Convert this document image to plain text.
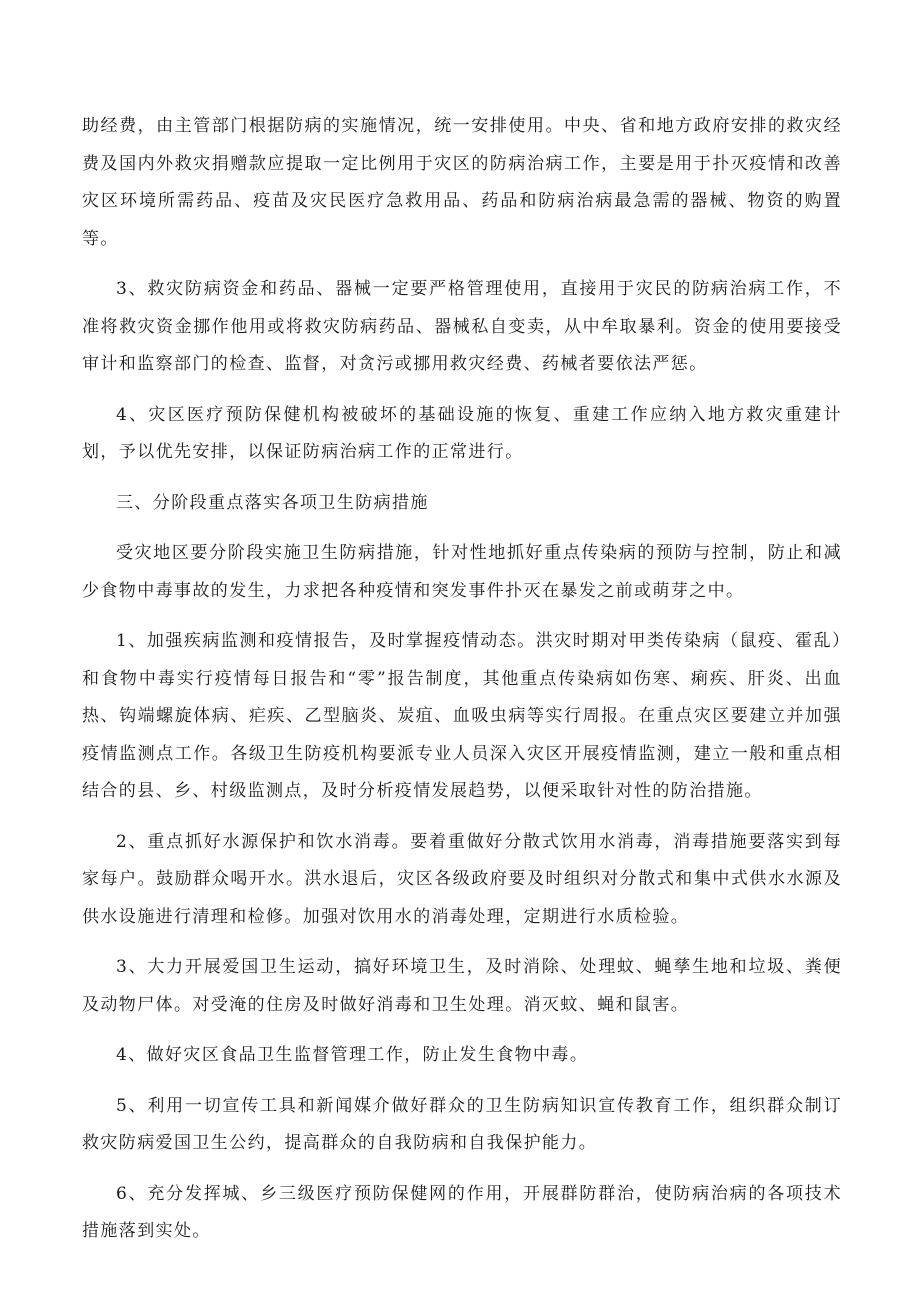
助经费，由主管部门根据防病的实施情况，统一安排使用。中央、省和地方政府安排的救灾经费及国内外救灾捐赠款应提取一定比例用于灾区的防病治病工作，主要是用于扑灭疫情和改善灾区环境所需药品、疫苗及灾民医疗急救用品、药品和防病治病最急需的器械、物资的购置等。

3、救灾防病资金和药品、器械一定要严格管理使用，直接用于灾民的防病治病工作，不准将救灾资金挪作他用或将救灾防病药品、器械私自变卖，从中牟取暴利。资金的使用要接受审计和监察部门的检查、监督，对贪污或挪用救灾经费、药械者要依法严惩。

4、灾区医疗预防保健机构被破坏的基础设施的恢复、重建工作应纳入地方救灾重建计划，予以优先安排，以保证防病治病工作的正常进行。

三、分阶段重点落实各项卫生防病措施

受灾地区要分阶段实施卫生防病措施，针对性地抓好重点传染病的预防与控制，防止和减少食物中毒事故的发生，力求把各种疫情和突发事件扑灭在暴发之前或萌芽之中。

1、加强疾病监测和疫情报告，及时掌握疫情动态。洪灾时期对甲类传染病（鼠疫、霍乱）和食物中毒实行疫情每日报告和“零”报告制度，其他重点传染病如伤寒、痢疾、肝炎、出血热、钩端螺旋体病、疟疾、乙型脑炎、炭疽、血吸虫病等实行周报。在重点灾区要建立并加强疫情监测点工作。各级卫生防疫机构要派专业人员深入灾区开展疫情监测，建立一般和重点相结合的县、乡、村级监测点，及时分析疫情发展趋势，以便采取针对性的防治措施。

2、重点抓好水源保护和饮水消毒。要着重做好分散式饮用水消毒，消毒措施要落实到每家每户。鼓励群众喝开水。洪水退后，灾区各级政府要及时组织对分散式和集中式供水水源及供水设施进行清理和检修。加强对饮用水的消毒处理，定期进行水质检验。

3、大力开展爱国卫生运动，搞好环境卫生，及时消除、处理蚊、蝇孳生地和垃圾、粪便及动物尸体。对受淹的住房及时做好消毒和卫生处理。消灭蚊、蝇和鼠害。

4、做好灾区食品卫生监督管理工作，防止发生食物中毒。

5、利用一切宣传工具和新闻媒介做好群众的卫生防病知识宣传教育工作，组织群众制订救灾防病爱国卫生公约，提高群众的自我防病和自我保护能力。

6、充分发挥城、乡三级医疗预防保健网的作用，开展群防群治，使防病治病的各项技术措施落到实处。
